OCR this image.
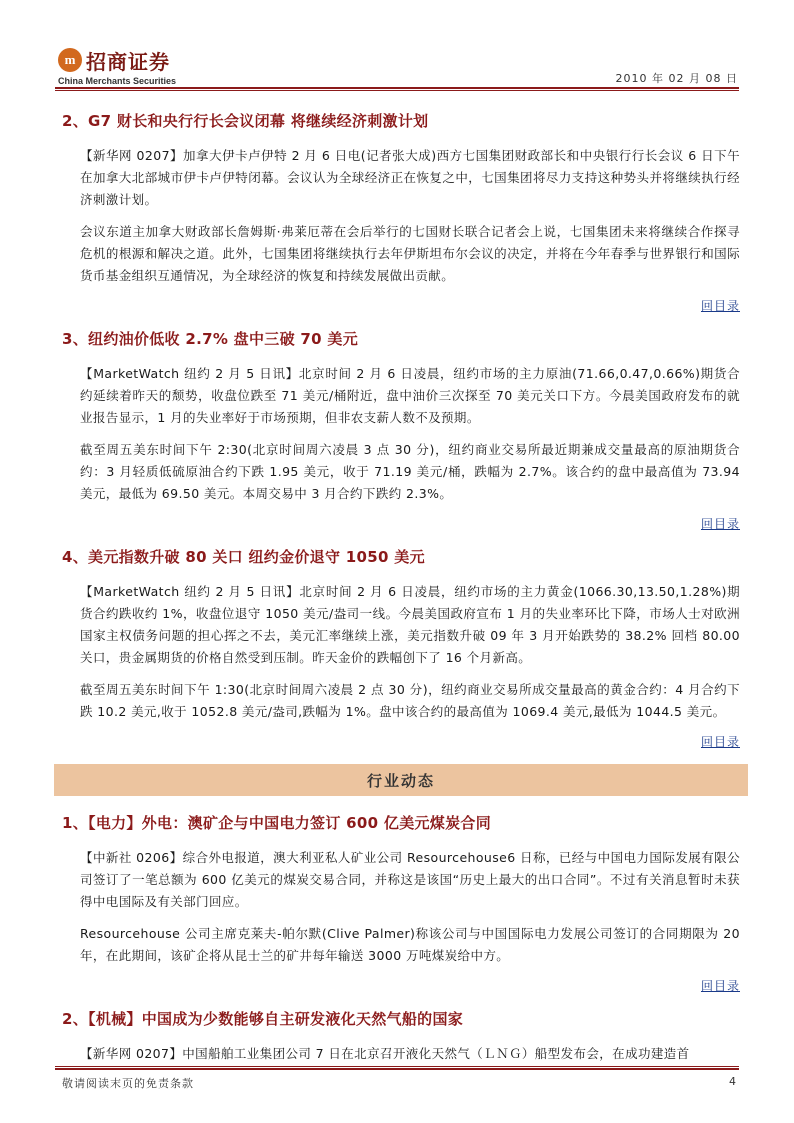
m 招商证券
China Merchants Securities	2010 年 02 月 08 日
2、G7 财长和央行行长会议闭幕 将继续经济刺激计划

【新华网 0207】加拿大伊卡卢伊特 2 月 6 日电(记者张大成)西方七国集团财政部长和中央银行行长会议 6 日下午在加拿大北部城市伊卡卢伊特闭幕。会议认为全球经济正在恢复之中，七国集团将尽力支持这种势头并将继续执行经济刺激计划。

会议东道主加拿大财政部长詹姆斯·弗莱厄蒂在会后举行的七国财长联合记者会上说，七国集团未来将继续合作探寻危机的根源和解决之道。此外，七国集团将继续执行去年伊斯坦布尔会议的决定，并将在今年春季与世界银行和国际货币基金组织互通情况，为全球经济的恢复和持续发展做出贡献。

回目录
3、纽约油价低收 2.7% 盘中三破 70 美元

【MarketWatch 纽约 2 月 5 日讯】北京时间 2 月 6 日凌晨，纽约市场的主力原油(71.66,0.47,0.66%)期货合约延续着昨天的颓势，收盘位跌至 71 美元/桶附近，盘中油价三次探至 70 美元关口下方。今晨美国政府发布的就业报告显示，1 月的失业率好于市场预期，但非农支薪人数不及预期。

截至周五美东时间下午 2:30(北京时间周六凌晨 3 点 30 分)，纽约商业交易所最近期兼成交量最高的原油期货合约：3 月轻质低硫原油合约下跌 1.95 美元，收于 71.19 美元/桶，跌幅为 2.7%。该合约的盘中最高值为 73.94 美元，最低为 69.50 美元。本周交易中 3 月合约下跌约 2.3%。

回目录
4、美元指数升破 80 关口 纽约金价退守 1050 美元

【MarketWatch 纽约 2 月 5 日讯】北京时间 2 月 6 日凌晨，纽约市场的主力黄金(1066.30,13.50,1.28%)期货合约跌收约 1%，收盘位退守 1050 美元/盎司一线。今晨美国政府宣布 1 月的失业率环比下降，市场人士对欧洲国家主权债务问题的担心挥之不去，美元汇率继续上涨，美元指数升破 09 年 3 月开始跌势的 38.2% 回档 80.00 关口，贵金属期货的价格自然受到压制。昨天金价的跌幅创下了 16 个月新高。

截至周五美东时间下午 1:30(北京时间周六凌晨 2 点 30 分)，纽约商业交易所成交量最高的黄金合约：4 月合约下跌 10.2 美元,收于 1052.8 美元/盎司,跌幅为 1%。盘中该合约的最高值为 1069.4 美元,最低为 1044.5 美元。

回目录
行业动态
1、【电力】外电：澳矿企与中国电力签订 600 亿美元煤炭合同

【中新社 0206】综合外电报道，澳大利亚私人矿业公司 Resourcehouse6 日称，已经与中国电力国际发展有限公司签订了一笔总额为 600 亿美元的煤炭交易合同，并称这是该国“历史上最大的出口合同”。不过有关消息暂时未获得中电国际及有关部门回应。

Resourcehouse 公司主席克莱夫-帕尔默(Clive Palmer)称该公司与中国国际电力发展公司签订的合同期限为 20 年，在此期间，该矿企将从昆士兰的矿井每年输送 3000 万吨煤炭给中方。

回目录
2、【机械】中国成为少数能够自主研发液化天然气船的国家

【新华网 0207】中国船舶工业集团公司 7 日在北京召开液化天然气（ＬＮＧ）船型发布会，在成功建造首

敬请阅读末页的免责条款	4
